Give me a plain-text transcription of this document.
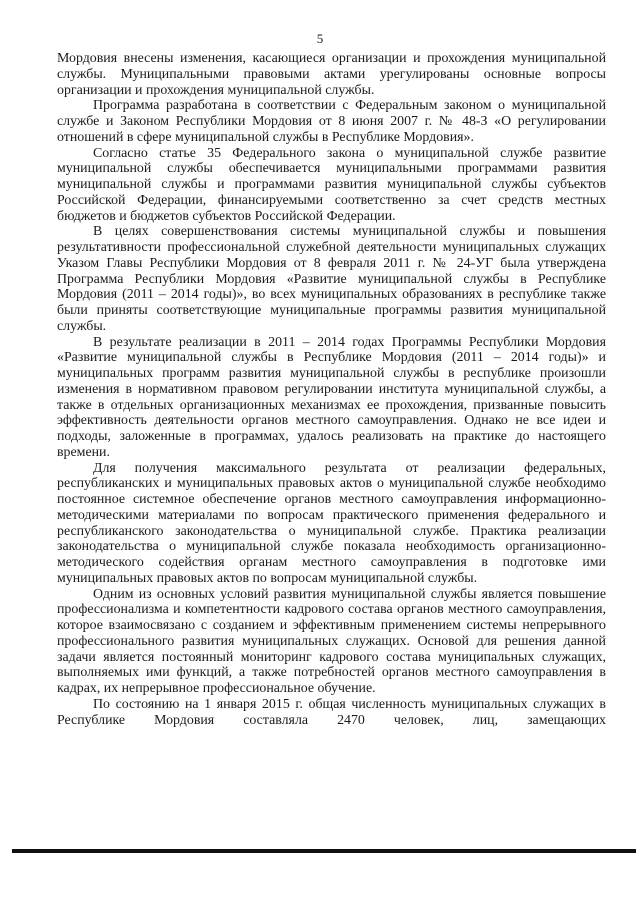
5

Мордовия внесены изменения, касающиеся организации и прохождения муниципальной службы. Муниципальными правовыми актами урегулированы основные вопросы организации и прохождения муниципальной службы.

Программа разработана в соответствии с Федеральным законом о муниципальной службе и Законом Республики Мордовия от 8 июня 2007 г. № 48-З «О регулировании отношений в сфере муниципальной службы в Республике Мордовия».

Согласно статье 35 Федерального закона о муниципальной службе развитие муниципальной службы обеспечивается муниципальными программами развития муниципальной службы и программами развития муниципальной службы субъектов Российской Федерации, финансируемыми соответственно за счет средств местных бюджетов и бюджетов субъектов Российской Федерации.

В целях совершенствования системы муниципальной службы и повышения результативности профессиональной служебной деятельности муниципальных служащих Указом Главы Республики Мордовия от 8 февраля 2011 г. № 24-УГ была утверждена Программа Республики Мордовия «Развитие муниципальной службы в Республике Мордовия (2011 – 2014 годы)», во всех муниципальных образованиях в республике также были приняты соответствующие муниципальные программы развития муниципальной службы.

В результате реализации в 2011 – 2014 годах Программы Республики Мордовия «Развитие муниципальной службы в Республике Мордовия (2011 – 2014 годы)» и муниципальных программ развития муниципальной службы в республике произошли изменения в нормативном правовом регулировании института муниципальной службы, а также в отдельных организационных механизмах ее прохождения, призванные повысить эффективность деятельности органов местного самоуправления. Однако не все идеи и подходы, заложенные в программах, удалось реализовать на практике до настоящего времени.

Для получения максимального результата от реализации федеральных, республиканских и муниципальных правовых актов о муниципальной службе необходимо постоянное системное обеспечение органов местного самоуправления информационно-методическими материалами по вопросам практического применения федерального и республиканского законодательства о муниципальной службе. Практика реализации законодательства о муниципальной службе показала необходимость организационно-методического содействия органам местного самоуправления в подготовке ими муниципальных правовых актов по вопросам муниципальной службы.

Одним из основных условий развития муниципальной службы является повышение профессионализма и компетентности кадрового состава органов местного самоуправления, которое взаимосвязано с созданием и эффективным применением системы непрерывного профессионального развития муниципальных служащих. Основой для решения данной задачи является постоянный мониторинг кадрового состава муниципальных служащих, выполняемых ими функций, а также потребностей органов местного самоуправления в кадрах, их непрерывное профессиональное обучение.

По состоянию на 1 января 2015 г. общая численность муниципальных служащих в Республике Мордовия составляла 2470 человек, лиц, замещающих
